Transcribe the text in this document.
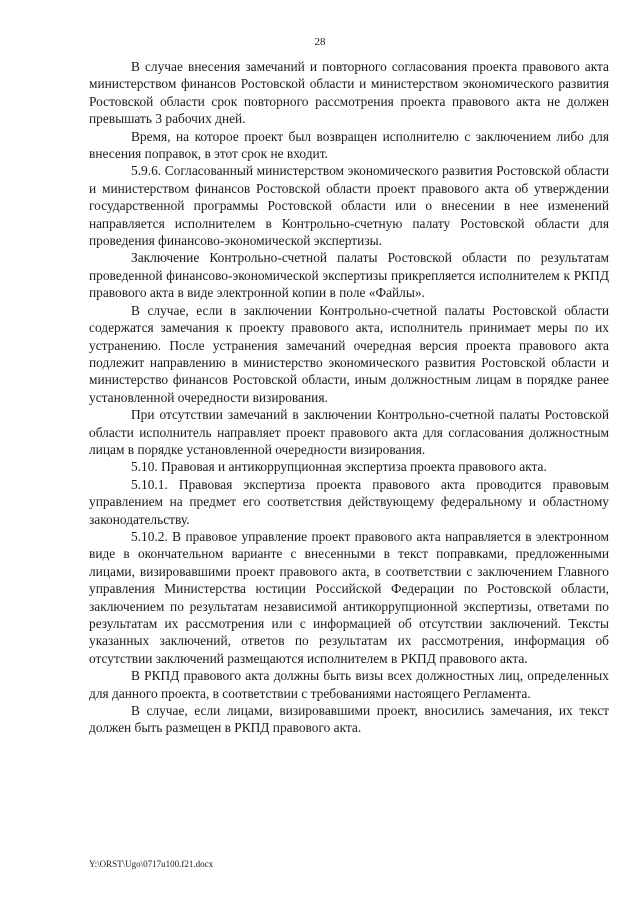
28

В случае внесения замечаний и повторного согласования проекта правового акта министерством финансов Ростовской области и министерством экономического развития Ростовской области срок повторного рассмотрения проекта правового акта не должен превышать 3 рабочих дней.

Время, на которое проект был возвращен исполнителю с заключением либо для внесения поправок, в этот срок не входит.

5.9.6. Согласованный министерством экономического развития Ростовской области и министерством финансов Ростовской области проект правового акта об утверждении государственной программы Ростовской области или о внесении в нее изменений направляется исполнителем в Контрольно-счетную палату Ростовской области для проведения финансово-экономической экспертизы.

Заключение Контрольно-счетной палаты Ростовской области по результатам проведенной финансово-экономической экспертизы прикрепляется исполнителем к РКПД правового акта в виде электронной копии в поле «Файлы».

В случае, если в заключении Контрольно-счетной палаты Ростовской области содержатся замечания к проекту правового акта, исполнитель принимает меры по их устранению. После устранения замечаний очередная версия проекта правового акта подлежит направлению в министерство экономического развития Ростовской области и министерство финансов Ростовской области, иным должностным лицам в порядке ранее установленной очередности визирования.

При отсутствии замечаний в заключении Контрольно-счетной палаты Ростовской области исполнитель направляет проект правового акта для согласования должностным лицам в порядке установленной очередности визирования.

5.10. Правовая и антикоррупционная экспертиза проекта правового акта.

5.10.1. Правовая экспертиза проекта правового акта проводится правовым управлением на предмет его соответствия действующему федеральному и областному законодательству.

5.10.2. В правовое управление проект правового акта направляется в электронном виде в окончательном варианте с внесенными в текст поправками, предложенными лицами, визировавшими проект правового акта, в соответствии с заключением Главного управления Министерства юстиции Российской Федерации по Ростовской области, заключением по результатам независимой антикоррупционной экспертизы, ответами по результатам их рассмотрения или с информацией об отсутствии заключений. Тексты указанных заключений, ответов по результатам их рассмотрения, информация об отсутствии заключений размещаются исполнителем в РКПД правового акта.

В РКПД правового акта должны быть визы всех должностных лиц, определенных для данного проекта, в соответствии с требованиями настоящего Регламента.

В случае, если лицами, визировавшими проект, вносились замечания, их текст должен быть размещен в РКПД правового акта.

Y:\ORST\Ugo\0717u100.f21.docx
